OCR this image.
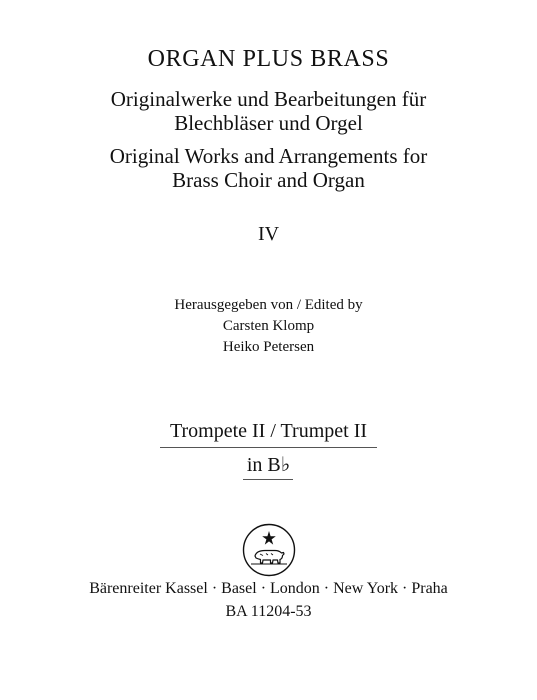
ORGAN PLUS BRASS
Originalwerke und Bearbeitungen für
Blechbläser und Orgel
Original Works and Arrangements for
Brass Choir and Organ
IV
Herausgegeben von / Edited by
Carsten Klomp
Heiko Petersen
Trompete II / Trumpet II
in B♭
Bärenreiter Kassel · Basel · London · New York · Praha
BA 11204-53
